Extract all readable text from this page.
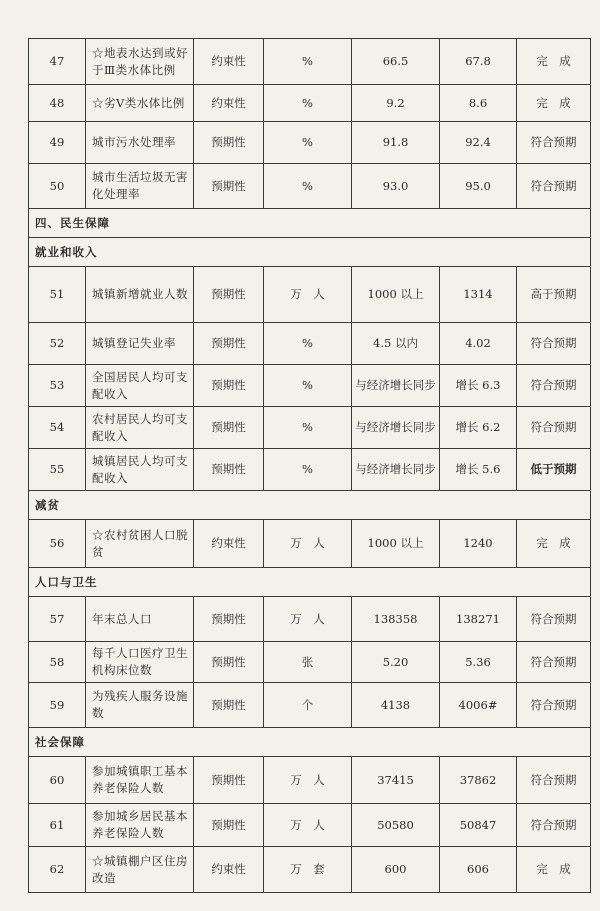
47	☆地表水达到或好于Ⅲ类水体比例	约束性	%	66.5	67.8	完　成
48	☆劣Ⅴ类水体比例	约束性	%	9.2	8.6	完　成
49	城市污水处理率	预期性	%	91.8	92.4	符合预期
50	城市生活垃圾无害化处理率	预期性	%	93.0	95.0	符合预期
四、民生保障						
就业和收入						
51	城镇新增就业人数	预期性	万　人	1000 以上	1314	高于预期
52	城镇登记失业率	预期性	%	4.5 以内	4.02	符合预期
53	全国居民人均可支配收入	预期性	%	与经济增长同步	增长 6.3	符合预期
54	农村居民人均可支配收入	预期性	%	与经济增长同步	增长 6.2	符合预期
55	城镇居民人均可支配收入	预期性	%	与经济增长同步	增长 5.6	低于预期
减贫						
56	☆农村贫困人口脱贫	约束性	万　人	1000 以上	1240	完　成
人口与卫生						
57	年末总人口	预期性	万　人	138358	138271	符合预期
58	每千人口医疗卫生机构床位数	预期性	张	5.20	5.36	符合预期
59	为残疾人服务设施数	预期性	个	4138	4006#	符合预期
社会保障						
60	参加城镇职工基本养老保险人数	预期性	万　人	37415	37862	符合预期
61	参加城乡居民基本养老保险人数	预期性	万　人	50580	50847	符合预期
62	☆城镇棚户区住房改造	约束性	万　套	600	606	完　成
